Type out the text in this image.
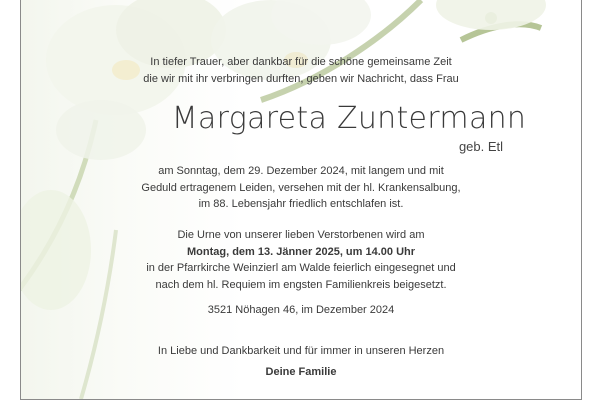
In tiefer Trauer, aber dankbar für die schöne gemeinsame Zeit
die wir mit ihr verbringen durften, geben wir Nachricht, dass Frau
Margareta Zuntermann
geb. Etl
am Sonntag, dem 29. Dezember 2024, mit langem und mit
Geduld ertragenem Leiden, versehen mit der hl. Krankensalbung,
im 88. Lebensjahr friedlich entschlafen ist.
Die Urne von unserer lieben Verstorbenen wird am
Montag, dem 13. Jänner 2025, um 14.00 Uhr
in der Pfarrkirche Weinzierl am Walde feierlich eingesegnet und
nach dem hl. Requiem im engsten Familienkreis beigesetzt.
3521 Nöhagen 46, im Dezember 2024
In Liebe und Dankbarkeit und für immer in unseren Herzen
Deine Familie
